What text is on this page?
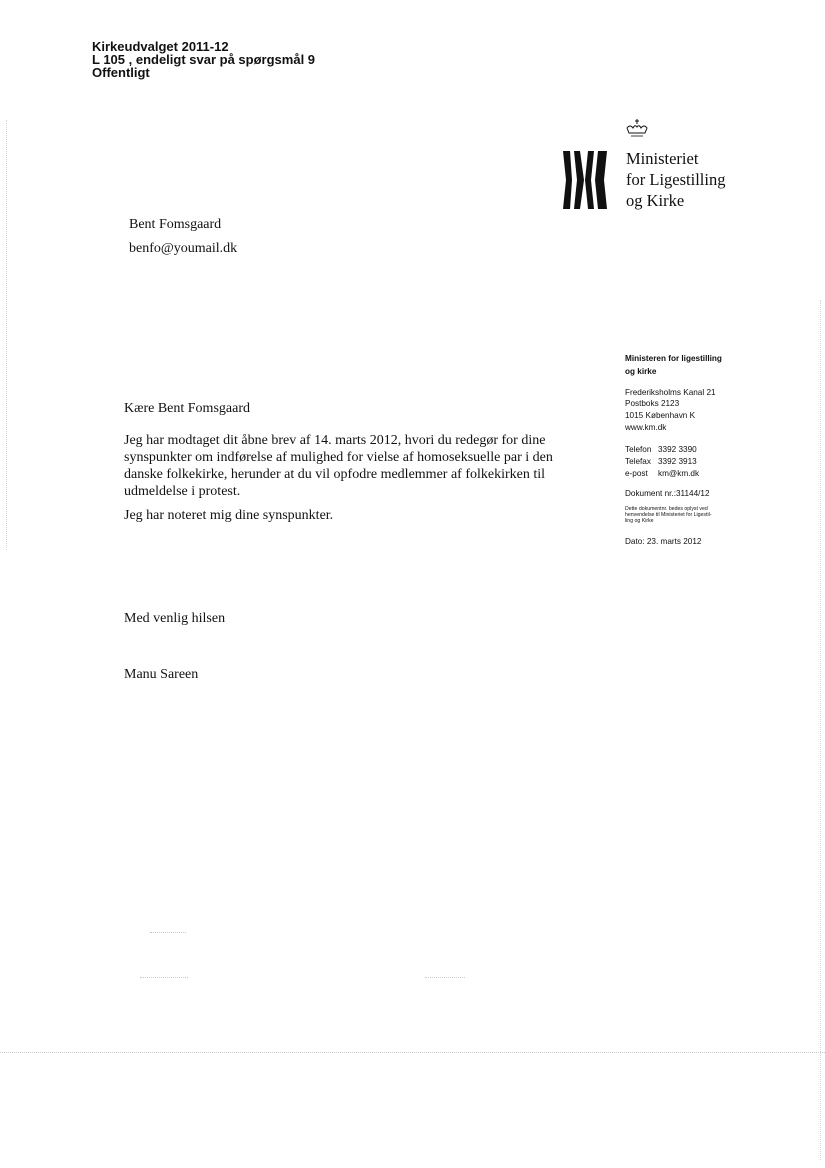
Kirkeudvalget 2011-12
L 105 , endeligt svar på spørgsmål 9
Offentligt
Ministeriet
for Ligestilling
og Kirke
Bent Fomsgaard
benfo@youmail.dk
Ministeren for ligestilling
og kirke
Frederiksholms Kanal 21
Postboks 2123
1015 København K
www.km.dk
Telefon 3392 3390
Telefax 3392 3913
e-post km@km.dk
Dokument nr.:31144/12
Dette dokumentnr. bedes oplyst ved
henvendelse til Ministeriet for Ligestil-
ling og Kirke
Dato: 23. marts 2012
Kære Bent Fomsgaard
Jeg har modtaget dit åbne brev af 14. marts 2012, hvori du redegør for dine
synspunkter om indførelse af mulighed for vielse af homoseksuelle par i den
danske folkekirke, herunder at du vil opfodre medlemmer af folkekirken til
udmeldelse i protest.
Jeg har noteret mig dine synspunkter.
Med venlig hilsen
Manu Sareen
